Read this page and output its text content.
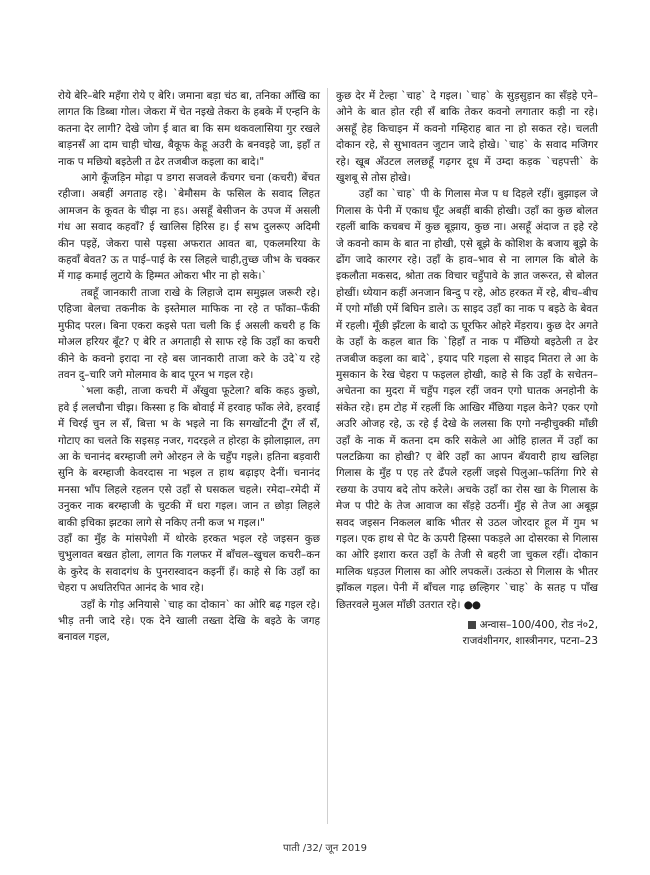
रोये बेरि–बेरि महँगा रोये ए बेरि। जमाना बड़ा चंठ बा, तनिका आँखि का लागत कि डिब्बा गोल। जेकरा में चेत नइखे तेकरा के हबके में एन्हनि के कतना देर लागी? देखे जोग ई बात बा कि सम थकवलासिया गुर रखले बाड़नसँ आ दाम चाही चोख, बैकूफ केहू अउरी के बनवइहे जा, इहाँ त नाक प मछियो बइठेली त ढेर तजबीज कइला का बादे।"

आगे कूँजड़िन मोढ़ा प डगरा सजवले कँचगर चना (कचरी) बेंचत रहीजा। अबहीं अगताह रहे। `बेमौसम के फसिल के सवाद लिहत आमजन के कूवत के चीझ ना हऽ। असहूँ बेसीजन के उपज में असली गंध आ सवाद कहवाँ? ई खालिस हिरिस ह। ई सभ दुलरूए अदिमी कीन पइहें, जेकरा पासे पइसा अफरात आवत बा, एकलमरिया के कहवाँ बेवत? ऊ त पाई–पाई के रस लिहले चाही,तुच्छ जीभ के चक्कर में गाढ़ कमाई लुटाये के हिम्मत ओकरा भीर ना हो सके।`

तबहूँ जानकारी ताजा राखे के लिहाजे दाम समुझल जरूरी रहे। एहिजा बेलचा तकनीक के इस्तेमाल माफिक ना रहे त फाँका–फँकी मुफीद परल। बिना एकरा कइसे पता चली कि ई असली कचरी ह कि मोअल हरियर बूँट? ए बेरि त अगताही से साफ रहे कि उहाँ का कचरी कीने के कवनो इरादा ना रहे बस जानकारी ताजा करे के उदे`य रहे तवन दु–चारि जगे मोलमाव के बाद पूरन भ गइल रहे।

`भला कही, ताजा कचरी में अँखुवा फूटेला? बकि कहऽ कुछो, हवे ई ललचौना चीझ। किस्सा ह कि बोवाई में हरवाह फाँक लेवे, हरवाई में चिरई चुन ल सँ, बित्ता भ के भइले ना कि सगखोंटनी टूँग लँ सँ, गोटाए का चलते कि सइसड़ नजर, गदरइले त होरहा के झोलाझाल, तग आ के चनानंद बरम्हाजी लगे ओरहन ले के चहुँप गइले। हतिना बड़वारी सुनि के बरम्हाजी केवरदास ना भइल त हाथ बढ़ाइए देनीं। चनानंद मनसा भाँप लिहले रहलन एसे उहाँ से घसकल चहले। रमेदा–रमेदी में उनुकर नाक बरम्हाजी के चुटकी में धरा गइल। जान त छोड़ा लिहले बाकी इचिका झटका लागे से नकिए तनी कज भ गइल।"

उहाँ का मुँह के मांसपेशी में थोरके हरकत भइल रहे जइसन कुछ चुभुलावत बखत होला, लागत कि गलफर में बाँचल–खुचल कचरी–कन के कुरेद के सवादगंध के पुनरास्वादन कइनीं हँ। काहे से कि उहाँ का चेहरा प अधतिरपित आनंद के भाव रहे।

उहाँ के गोड़ अनियासे `चाह का दोकान` का ओरि बढ़ गइल रहे। भीड़ तनी जादे रहे। एक देने खाली तख्ता देखि के बइठे के जगह बनावल गइल,

कुछ देर में टेल्हा `चाह` दे गइल। `चाह` के सुड़सुड़ान का सँड़हे एने–ओने के बात होत रही सँ बाकि तेकर कवनो लगातार कड़ी ना रहे। असहूँ हेह किचाइन में कवनो गम्हिराह बात ना हो सकत रहे। चलती दोकान रहे, से सुभावतन जुटान जादे होखे। `चाह` के सवाद मजिगर रहे। खूब अँउटल ललछहूँ गढ़गर दूध में उम्दा कड़क `चहपत्ती` के खुशबू से तोस होखे।

उहाँ का `चाह` पी के गिलास मेज प ध दिहले रहीं। बुझाइल जे गिलास के पेनी में एकाध घूँट अबहीं बाकी होखी। उहाँ का कुछ बोलत रहलीं बाकि कचबच में कुछ बूझाय, कुछ ना। असहूँ अंदाज त इहे रहे जे कवनो काम के बात ना होखी, एसे बूझे के कोशिश के बजाय बूझे के ढोंग जादे कारगर रहे। उहाँ के हाव–भाव से ना लागल कि बोले के इकलौता मकसद, श्रोता तक विचार चहुँपावे के ज्ञात जरूरत, से बोलत होखीं। ध्येयान कहीं अनजान बिन्दु प रहे, ओठ हरकत में रहे, बीच–बीच में एगो माँछी एमें बिघिन डाले। ऊ साइद उहाँ का नाक प बइठे के बेवत में रहली। मूँछी झँटला के बादो ऊ घूरफिर ओहरे मेंड़राय। कुछ देर अगते के उहाँ के कहल बात कि `हिहाँ त नाक प मँछियो बइठेली त ढेर तजबीज कइला का बादे`, इयाद परि गइला से साइद मितरा ले आ के मुसकान के रेख चेहरा प फइलल होखी, काहे से कि उहाँ के सचेतन–अचेतना का मुदरा में चहुँप गइल रहीं जवन एगो घातक अनहोनी के संकेत रहे। हम टोह में रहलीं कि आखिर मँछिया गइल केने? एकर एगो अउरि ओजह रहे, ऊ रहे ई देखे के ललसा कि एगो नन्हीचुक्की माँछी उहाँ के नाक में कतना दम करि सकेले आ ओहि हालत में उहाँ का पलटक्रिया का होखी? ए बेरि उहाँ का आपन बँयवारी हाथ खलिहा गिलास के मुँह प एह तरे ढँपले रहलीं जइसे पिलुआ–फतिंगा गिरे से रछया के उपाय बदे तोप करेले। अचके उहाँ का रोस खा के गिलास के मेज प पीटे के तेज आवाज का सँड़हे उठनीं। मुँह से तेज आ अबूझ सवद जइसन निकलल बाकि भीतर से उठल जोरदार हूल में गुम भ गइल। एक हाथ से पेट के ऊपरी हिस्सा पकड़ले आ दोसरका से गिलास का ओरि इशारा करत उहाँ के तेजी से बहरी जा चुकल रहीं। दोकान मालिक धड़उल गिलास का ओरि लपकलें। उत्कंठा से गिलास के भीतर झाँकल गइल। पेनी में बाँचल गाढ़ छल्हिगर `चाह` के सतह प पाँख छितरवले मुअल माँछी उतरात रहे। ●●

अन्वास–100/400, रोड नं०2,
राजवंशीनगर, शास्त्रीनगर, पटना–23
पाती /32/ जून 2019
